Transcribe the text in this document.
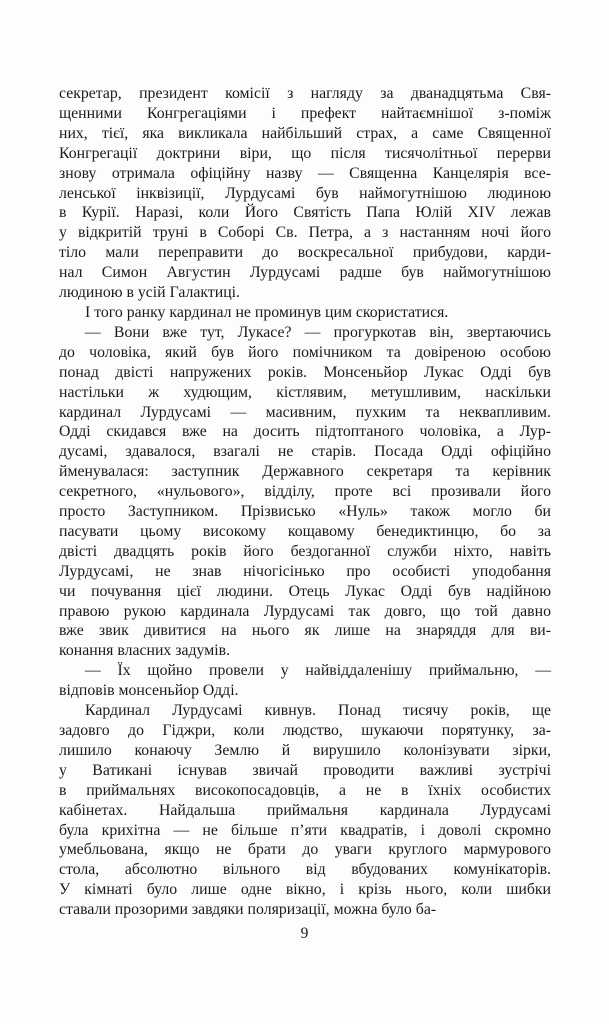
секретар, президент комісії з нагляду за дванадцятьма Свя-
щенними Конгрегаціями і префект найтаємнішої з-поміж
них, тієї, яка викликала найбільший страх, а саме Священної
Конгрегації доктрини віри, що після тисячолітньої перерви
знову отримала офіційну назву — Священна Канцелярія все-
ленської інквізиції, Лурдусамі був наймогутнішою людиною
в Курії. Наразі, коли Його Святість Папа Юлій XIV лежав
у відкритій труні в Соборі Св. Петра, а з настанням ночі його
тіло мали переправити до воскресальної прибудови, карди-
нал Симон Августин Лурдусамі радше був наймогутнішою
людиною в усій Галактиці.

І того ранку кардинал не проминув цим скористатися.

— Вони вже тут, Лукасе? — прогуркотав він, звертаючись
до чоловіка, який був його помічником та довіреною особою
понад двісті напружених років. Монсеньйор Лукас Одді був
настільки ж худющим, кістлявим, метушливим, наскільки
кардинал Лурдусамі — масивним, пухким та неквапливим.
Одді скидався вже на досить підтоптаного чоловіка, а Лур-
дусамі, здавалося, взагалі не старів. Посада Одді офіційно
йменувалася: заступник Державного секретаря та керівник
секретного, «нульового», відділу, проте всі прозивали його
просто Заступником. Прізвисько «Нуль» також могло би
пасувати цьому високому кощавому бенедиктинцю, бо за
двісті двадцять років його бездоганної служби ніхто, навіть
Лурдусамі, не знав нічогісінько про особисті уподобання
чи почування цієї людини. Отець Лукас Одді був надійною
правою рукою кардинала Лурдусамі так довго, що той давно
вже звик дивитися на нього як лише на знаряддя для ви-
конання власних задумів.

— Їх щойно провели у найвіддаленішу приймальню, —
відповів монсеньйор Одді.

Кардинал Лурдусамі кивнув. Понад тисячу років, ще
задовго до Гіджри, коли людство, шукаючи порятунку, за-
лишило конаючу Землю й вирушило колонізувати зірки,
у Ватикані існував звичай проводити важливі зустрічі
в приймальнях високопосадовців, а не в їхніх особистих
кабінетах. Найдальша приймальня кардинала Лурдусамі
була крихітна — не більше п’яти квадратів, і доволі скромно
умебльована, якщо не брати до уваги круглого мармурового
стола, абсолютно вільного від вбудованих комунікаторів.
У кімнаті було лише одне вікно, і крізь нього, коли шибки
ставали прозорими завдяки поляризації, можна було ба-

9
